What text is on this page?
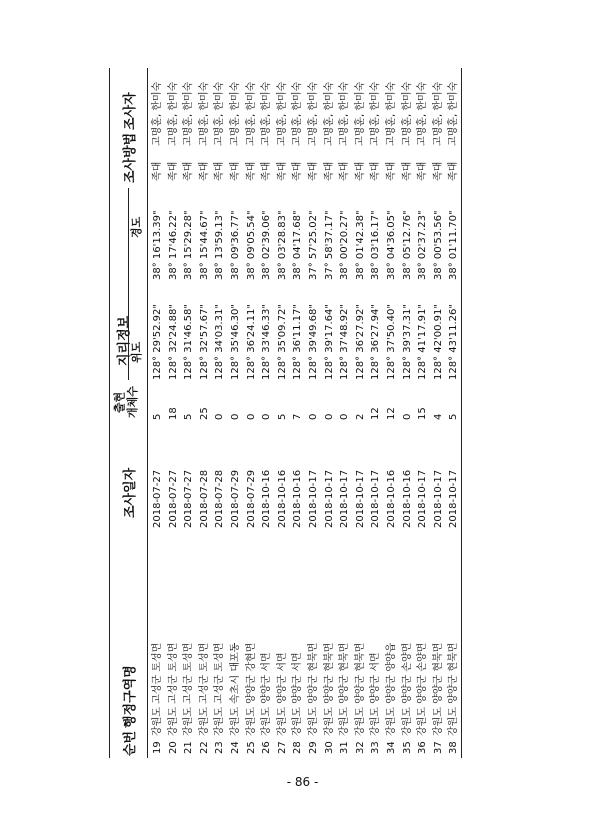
순번
행정구역명
조사일자
출현 개체수
지리정보
위도
경도
조사방법
조사자
19
강원도 고성군 토성면
2018-07-27
5
128° 29'52.92"
38° 16'13.39"
족대
고명훈, 한미숙
20
강원도 고성군 토성면
2018-07-27
18
128° 32'24.88"
38° 17'46.22"
족대
고명훈, 한미숙
21
강원도 고성군 토성면
2018-07-27
5
128° 31'46.58"
38° 15'29.28"
족대
고명훈, 한미숙
22
강원도 고성군 토성면
2018-07-28
25
128° 32'57.67"
38° 15'44.67"
족대
고명훈, 한미숙
23
강원도 고성군 토성면
2018-07-28
0
128° 34'03.31"
38° 13'59.13"
족대
고명훈, 한미숙
24
강원도 속초시 대포동
2018-07-29
0
128° 35'46.30"
38° 09'36.77"
족대
고명훈, 한미숙
25
강원도 양양군 강현면
2018-07-29
0
128° 36'24.11"
38° 09'05.54"
족대
고명훈, 한미숙
26
강원도 양양군 서면
2018-10-16
0
128° 33'46.33"
38° 02'39.06"
족대
고명훈, 한미숙
27
강원도 양양군 서면
2018-10-16
5
128° 35'09.72"
38° 03'28.83"
족대
고명훈, 한미숙
28
강원도 양양군 서면
2018-10-16
7
128° 36'11.17"
38° 04'17.68"
족대
고명훈, 한미숙
29
강원도 양양군 현북면
2018-10-17
0
128° 39'49.68"
37° 57'25.02"
족대
고명훈, 한미숙
30
강원도 양양군 현북면
2018-10-17
0
128° 39'17.64"
37° 58'37.17"
족대
고명훈, 한미숙
31
강원도 양양군 현북면
2018-10-17
0
128° 37'48.92"
38° 00'20.27"
족대
고명훈, 한미숙
32
강원도 양양군 현북면
2018-10-17
2
128° 36'27.92"
38° 01'42.38"
족대
고명훈, 한미숙
33
강원도 양양군 서면
2018-10-17
12
128° 36'27.94"
38° 03'16.17"
족대
고명훈, 한미숙
34
강원도 양양군 양양읍
2018-10-16
12
128° 37'50.40"
38° 04'36.05"
족대
고명훈, 한미숙
35
강원도 양양군 손양면
2018-10-16
0
128° 39'37.31"
38° 05'12.76"
족대
고명훈, 한미숙
36
강원도 양양군 손양면
2018-10-17
15
128° 41'17.91"
38° 02'37.23"
족대
고명훈, 한미숙
37
강원도 양양군 현북면
2018-10-17
4
128° 42'00.91"
38° 00'53.56"
족대
고명훈, 한미숙
38
강원도 양양군 현북면
2018-10-17
5
128° 43'11.26"
38° 01'11.70"
족대
고명훈, 한미숙
- 86 -
